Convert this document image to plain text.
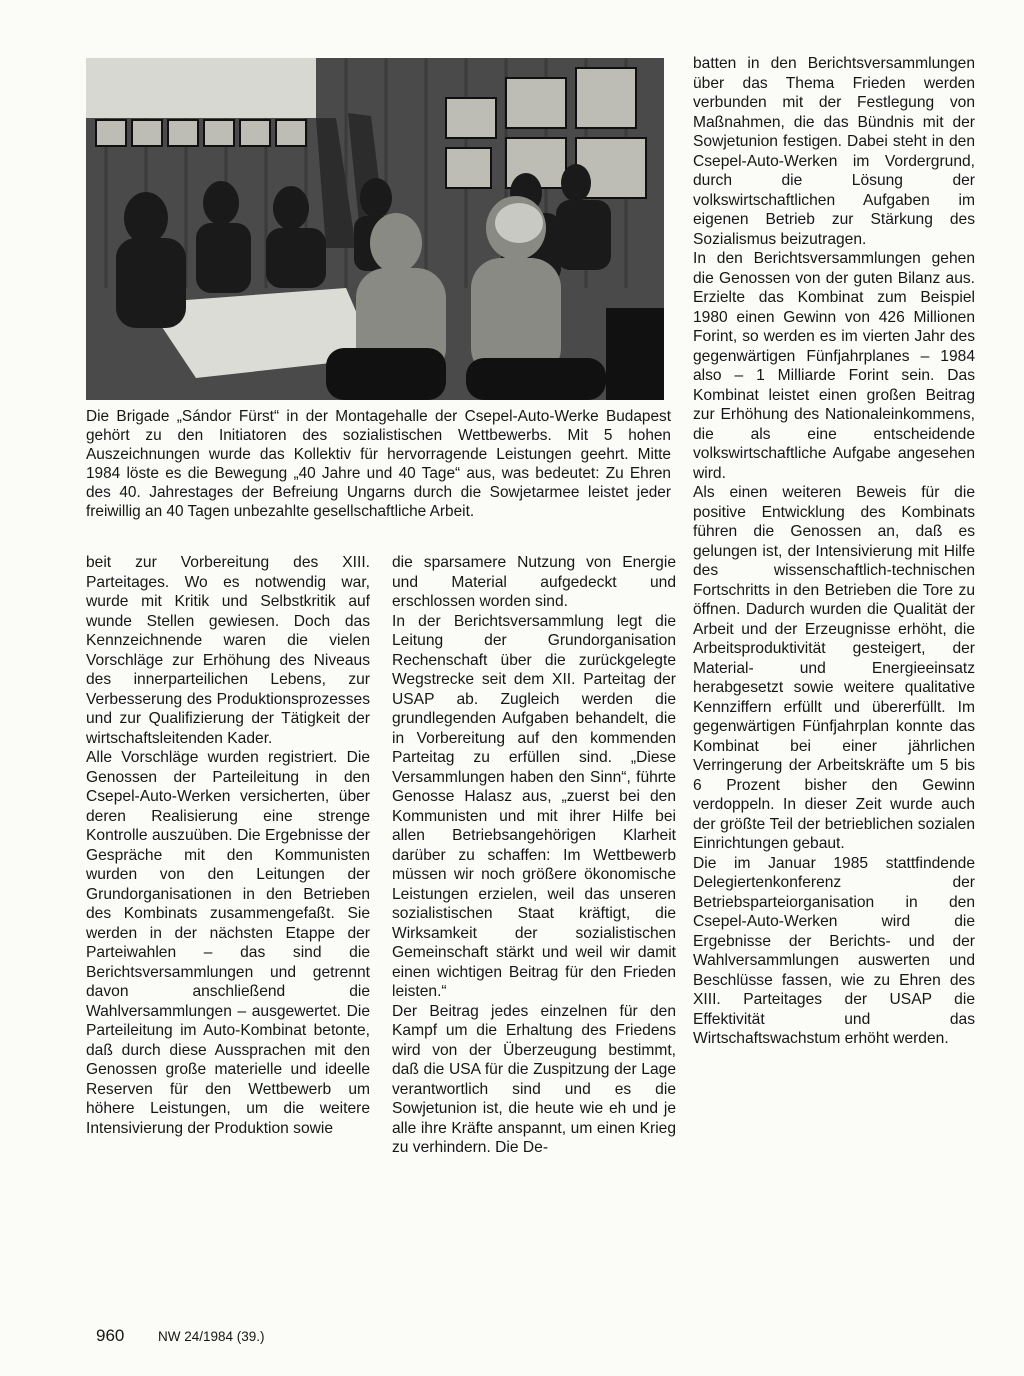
Die Brigade „Sándor Fürst“ in der Montagehalle der Csepel-Auto-Werke Budapest gehört zu den Initiatoren des sozialistischen Wettbewerbs. Mit 5 hohen Auszeichnungen wurde das Kollektiv für hervorragende Leistungen geehrt. Mitte 1984 löste es die Bewegung „40 Jahre und 40 Tage“ aus, was bedeutet: Zu Ehren des 40. Jahrestages der Befreiung Ungarns durch die Sowjetarmee leistet jeder freiwillig an 40 Tagen unbezahlte gesellschaftliche Arbeit.

beit zur Vorbereitung des XIII. Parteitages. Wo es notwendig war, wurde mit Kritik und Selbstkritik auf wunde Stellen gewiesen. Doch das Kennzeichnende waren die vielen Vorschläge zur Erhöhung des Niveaus des innerparteilichen Lebens, zur Verbesserung des Produktionsprozesses und zur Qualifizierung der Tätigkeit der wirtschaftsleitenden Kader.

Alle Vorschläge wurden registriert. Die Genossen der Parteileitung in den Csepel-Auto-Werken versicherten, über deren Realisierung eine strenge Kontrolle auszuüben. Die Ergebnisse der Gespräche mit den Kommunisten wurden von den Leitungen der Grundorganisationen in den Betrieben des Kombinats zusammengefaßt. Sie werden in der nächsten Etappe der Parteiwahlen – das sind die Berichtsversammlungen und getrennt davon anschließend die Wahlversammlungen – ausgewertet. Die Parteileitung im Auto-Kombinat betonte, daß durch diese Aussprachen mit den Genossen große materielle und ideelle Reserven für den Wettbewerb um höhere Leistungen, um die weitere Intensivierung der Produktion sowie

die sparsamere Nutzung von Energie und Material aufgedeckt und erschlossen worden sind.

In der Berichtsversammlung legt die Leitung der Grundorganisation Rechenschaft über die zurückgelegte Wegstrecke seit dem XII. Parteitag der USAP ab. Zugleich werden die grundlegenden Aufgaben behandelt, die in Vorbereitung auf den kommenden Parteitag zu erfüllen sind. „Diese Versammlungen haben den Sinn“, führte Genosse Halasz aus, „zuerst bei den Kommunisten und mit ihrer Hilfe bei allen Betriebsangehörigen Klarheit darüber zu schaffen: Im Wettbewerb müssen wir noch größere ökonomische Leistungen erzielen, weil das unseren sozialistischen Staat kräftigt, die Wirksamkeit der sozialistischen Gemeinschaft stärkt und weil wir damit einen wichtigen Beitrag für den Frieden leisten.“

Der Beitrag jedes einzelnen für den Kampf um die Erhaltung des Friedens wird von der Überzeugung bestimmt, daß die USA für die Zuspitzung der Lage verantwortlich sind und es die Sowjetunion ist, die heute wie eh und je alle ihre Kräfte anspannt, um einen Krieg zu verhindern. Die De-

batten in den Berichtsversammlungen über das Thema Frieden werden verbunden mit der Festlegung von Maßnahmen, die das Bündnis mit der Sowjetunion festigen. Dabei steht in den Csepel-Auto-Werken im Vordergrund, durch die Lösung der volkswirtschaftlichen Aufgaben im eigenen Betrieb zur Stärkung des Sozialismus beizutragen.

In den Berichtsversammlungen gehen die Genossen von der guten Bilanz aus. Erzielte das Kombinat zum Beispiel 1980 einen Gewinn von 426 Millionen Forint, so werden es im vierten Jahr des gegenwärtigen Fünfjahrplanes – 1984 also – 1 Milliarde Forint sein. Das Kombinat leistet einen großen Beitrag zur Erhöhung des Nationaleinkommens, die als eine entscheidende volkswirtschaftliche Aufgabe angesehen wird.

Als einen weiteren Beweis für die positive Entwicklung des Kombinats führen die Genossen an, daß es gelungen ist, der Intensivierung mit Hilfe des wissenschaftlich-technischen Fortschritts in den Betrieben die Tore zu öffnen. Dadurch wurden die Qualität der Arbeit und der Erzeugnisse erhöht, die Arbeitsproduktivität gesteigert, der Material- und Energieeinsatz herabgesetzt sowie weitere qualitative Kennziffern erfüllt und übererfüllt. Im gegenwärtigen Fünfjahrplan konnte das Kombinat bei einer jährlichen Verringerung der Arbeitskräfte um 5 bis 6 Prozent bisher den Gewinn verdoppeln. In dieser Zeit wurde auch der größte Teil der betrieblichen sozialen Einrichtungen gebaut.

Die im Januar 1985 stattfindende Delegiertenkonferenz der Betriebsparteiorganisation in den Csepel-Auto-Werken wird die Ergebnisse der Berichts- und der Wahlversammlungen auswerten und Beschlüsse fassen, wie zu Ehren des XIII. Parteitages der USAP die Effektivität und das Wirtschaftswachstum erhöht werden.

960 NW 24/1984 (39.)
